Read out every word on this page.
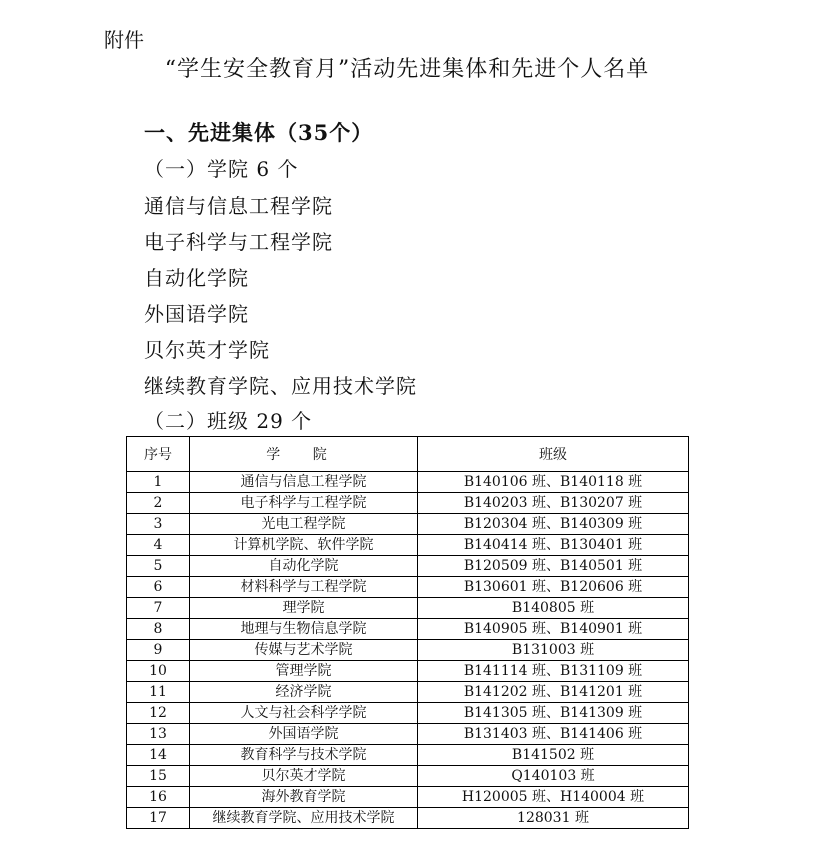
附件
“学生安全教育月”活动先进集体和先进个人名单
一、先进集体（35个）
（一）学院 6 个
通信与信息工程学院
电子科学与工程学院
自动化学院
外国语学院
贝尔英才学院
继续教育学院、应用技术学院
（二）班级 29 个
序号	学 院	班级
1	通信与信息工程学院	B140106 班、B140118 班
2	电子科学与工程学院	B140203 班、B130207 班
3	光电工程学院	B120304 班、B140309 班
4	计算机学院、软件学院	B140414 班、B130401 班
5	自动化学院	B120509 班、B140501 班
6	材料科学与工程学院	B130601 班、B120606 班
7	理学院	B140805 班
8	地理与生物信息学院	B140905 班、B140901 班
9	传媒与艺术学院	B131003 班
10	管理学院	B141114 班、B131109 班
11	经济学院	B141202 班、B141201 班
12	人文与社会科学学院	B141305 班、B141309 班
13	外国语学院	B131403 班、B141406 班
14	教育科学与技术学院	B141502 班
15	贝尔英才学院	Q140103 班
16	海外教育学院	H120005 班、H140004 班
17	继续教育学院、应用技术学院	128031 班
